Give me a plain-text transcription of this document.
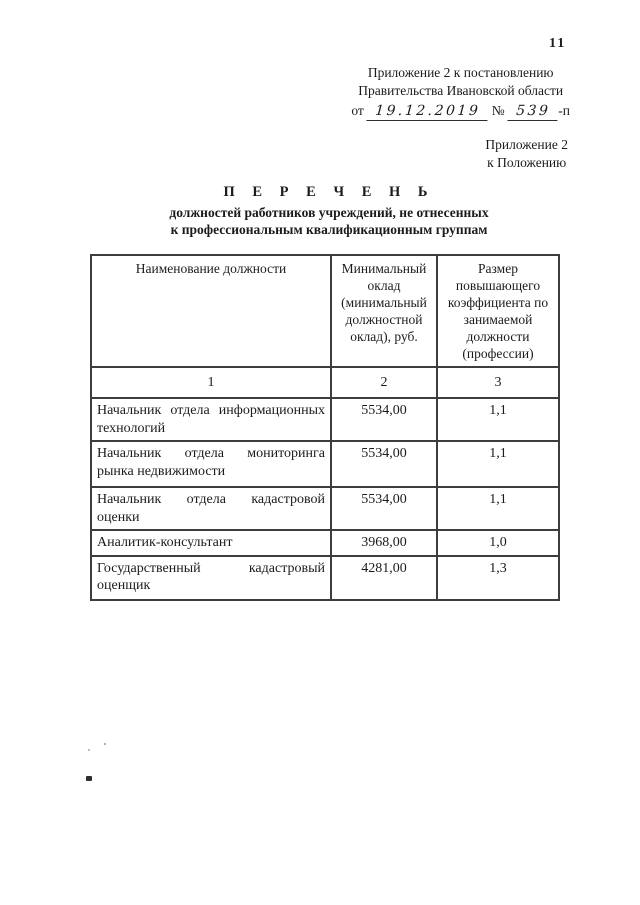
11
Приложение 2 к постановлению
Правительства Ивановской области
от 19.12.2019 № 539 -п
Приложение 2
к Положению
П Е Р Е Ч Е Н Ь
должностей работников учреждений, не отнесенных
к профессиональным квалификационным группам
Наименование должности	Минимальный оклад (минимальный должностной оклад), руб.	Размер повышающего коэффициента по занимаемой должности (профессии)
1	2	3
Начальник отдела информационных технологий	5534,00	1,1
Начальник отдела мониторинга рынка недвижимости	5534,00	1,1
Начальник отдела кадастровой оценки	5534,00	1,1
Аналитик-консультант	3968,00	1,0
Государственный кадастровый оценщик	4281,00	1,3
